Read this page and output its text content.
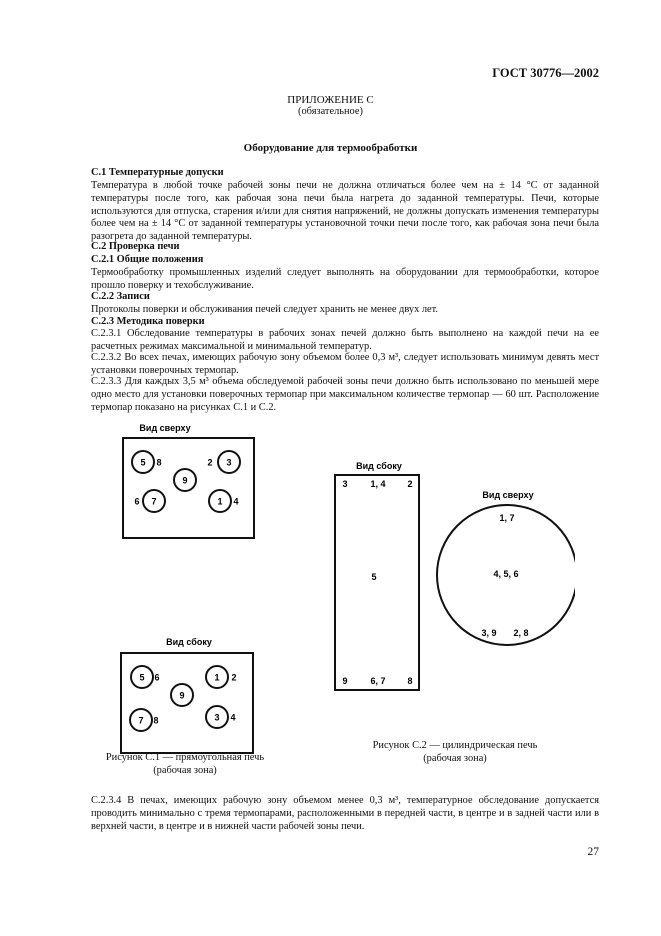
ГОСТ 30776—2002
ПРИЛОЖЕНИЕ С
(обязательное)
Оборудование для термообработки
С.1 Температурные допуски
Температура в любой точке рабочей зоны печи не должна отличаться более чем на ± 14 °С от заданной температуры после того, как рабочая зона печи была нагрета до заданной температуры. Печи, которые используются для отпуска, старения и/или для снятия напряжений, не должны допускать изменения температуры более чем на ± 14 °С от заданной температуры установочной точки печи после того, как рабочая зона печи была разогрета до заданной температуры.
С.2 Проверка печи
С.2.1 Общие положения
Термообработку промышленных изделий следует выполнять на оборудовании для термообработки, которое прошло поверку и техобслуживание.
С.2.2 Записи
Протоколы поверки и обслуживания печей следует хранить не менее двух лет.
С.2.3 Методика поверки
С.2.3.1 Обследование температуры в рабочих зонах печей должно быть выполнено на каждой печи на ее расчетных режимах максимальной и минимальной температур.
С.2.3.2 Во всех печах, имеющих рабочую зону объемом более 0,3 м³, следует использовать минимум девять мест установки поверочных термопар.
С.2.3.3 Для каждых 3,5 м³ объема обследуемой рабочей зоны печи должно быть использовано по меньшей мере одно место для установки поверочных термопар при максимальном количестве термопар — 60 шт. Расположение термопар показано на рисунках С.1 и С.2.
Вид сверху
5	3
9
7	1
8	2
6	4
Вид сбоку
5	1
9
7	3
6	2
8	4
Рисунок С.1 — прямоугольная печь
(рабочая зона)
Вид сбоку
3	1, 4 2
5
9	6, 7 8
Вид сверху
1, 7
4, 5, 6
3, 9 2, 8
Рисунок С.2 — цилиндрическая печь
(рабочая зона)
С.2.3.4 В печах, имеющих рабочую зону объемом менее 0,3 м³, температурное обследование допускается проводить минимально с тремя термопарами, расположенными в передней части, в центре и в задней части или в верхней части, в центре и в нижней части рабочей зоны печи.
27
